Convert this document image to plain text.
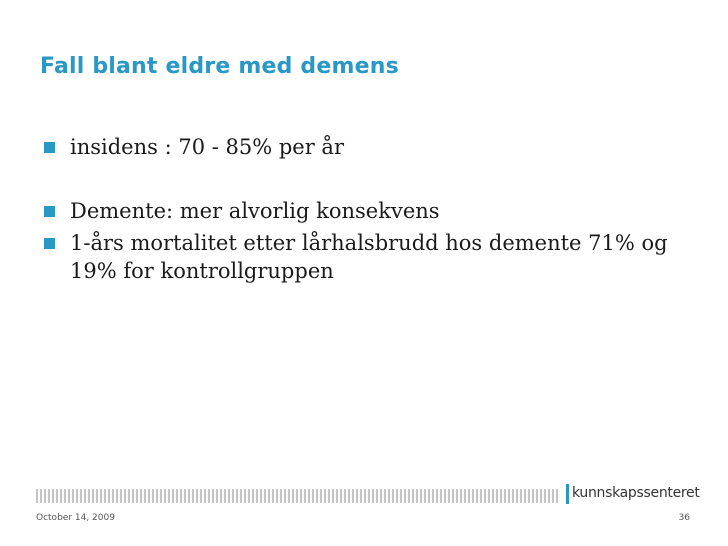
Fall blant eldre med demens
insidens : 70 - 85% per år
Demente: mer alvorlig konsekvens
1-års mortalitet etter lårhalsbrudd hos demente 71% og 19% for kontrollgruppen
kunnskapssenteret
October 14, 2009	36
